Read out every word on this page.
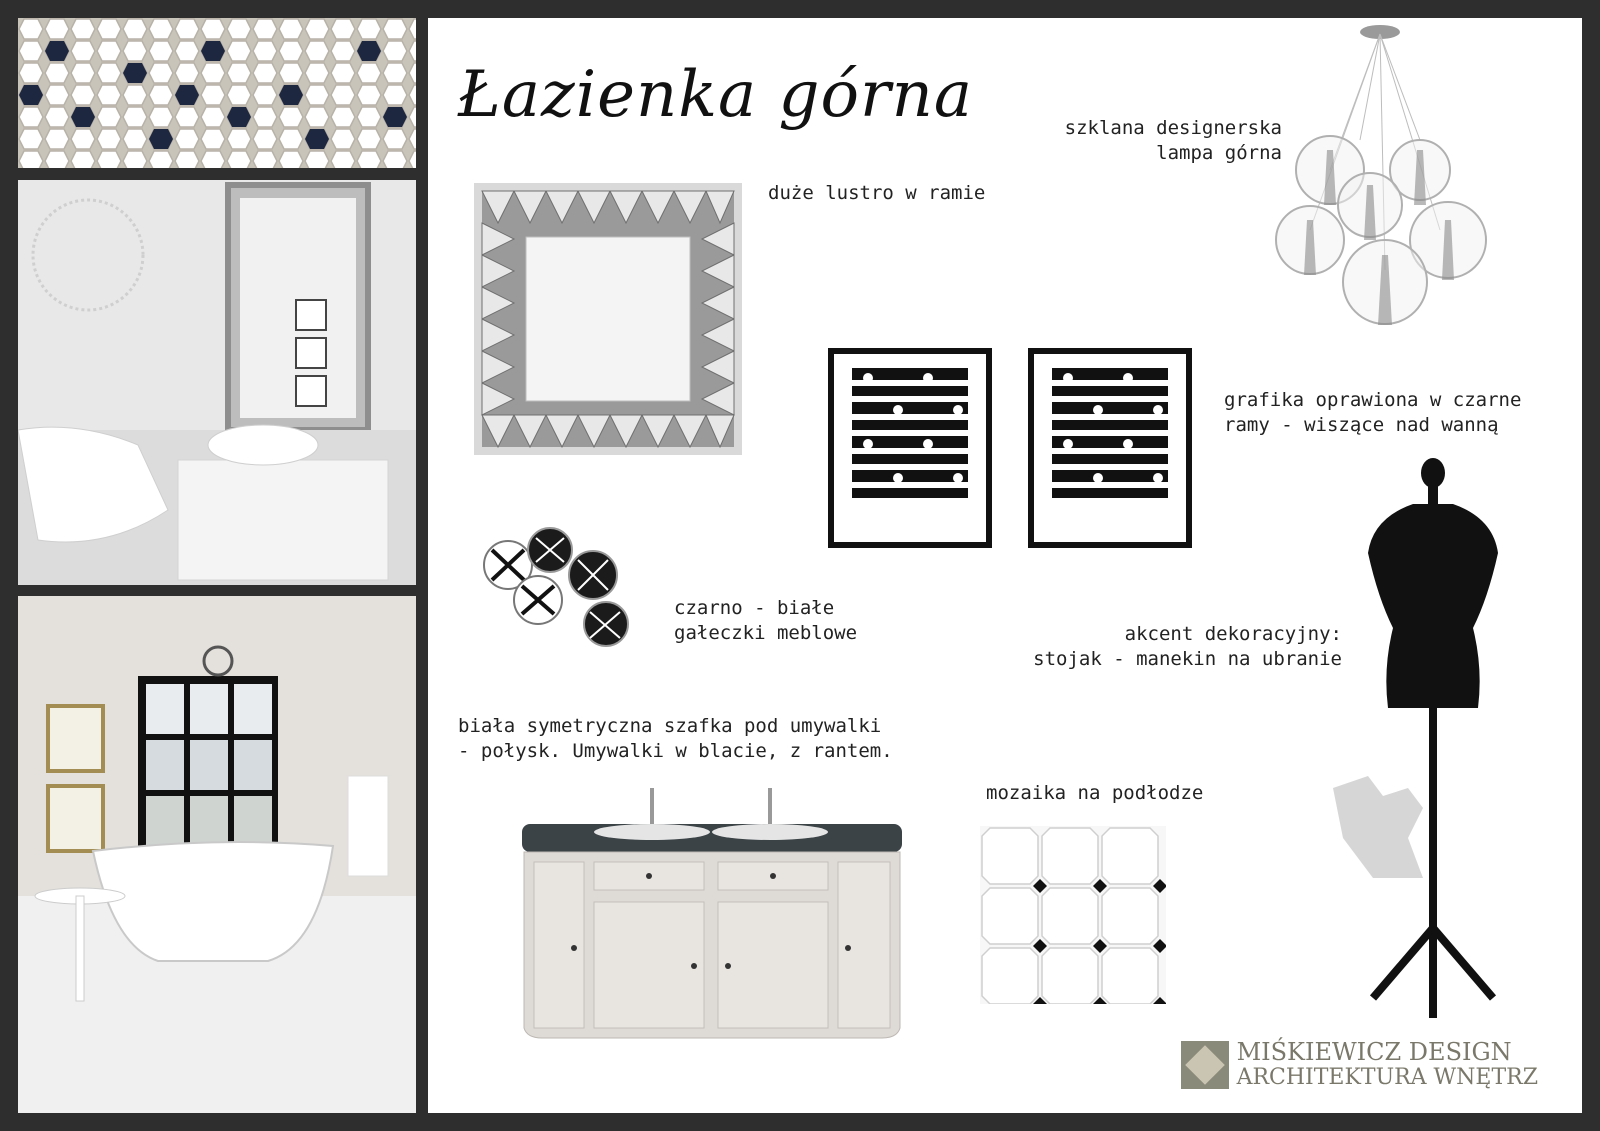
Łazienka górna
duże lustro w ramie
szklana designerska
lampa górna
grafika oprawiona w czarne
ramy - wiszące nad wanną
czarno - białe
gałeczki meblowe	akcent dekoracyjny:
stojak - manekin na ubranie
biała symetryczna szafka pod umywalki
- połysk. Umywalki w blacie, z rantem.
mozaika na podłodze
MIŚKIEWICZ DESIGN
ARCHITEKTURA WNĘTRZ
